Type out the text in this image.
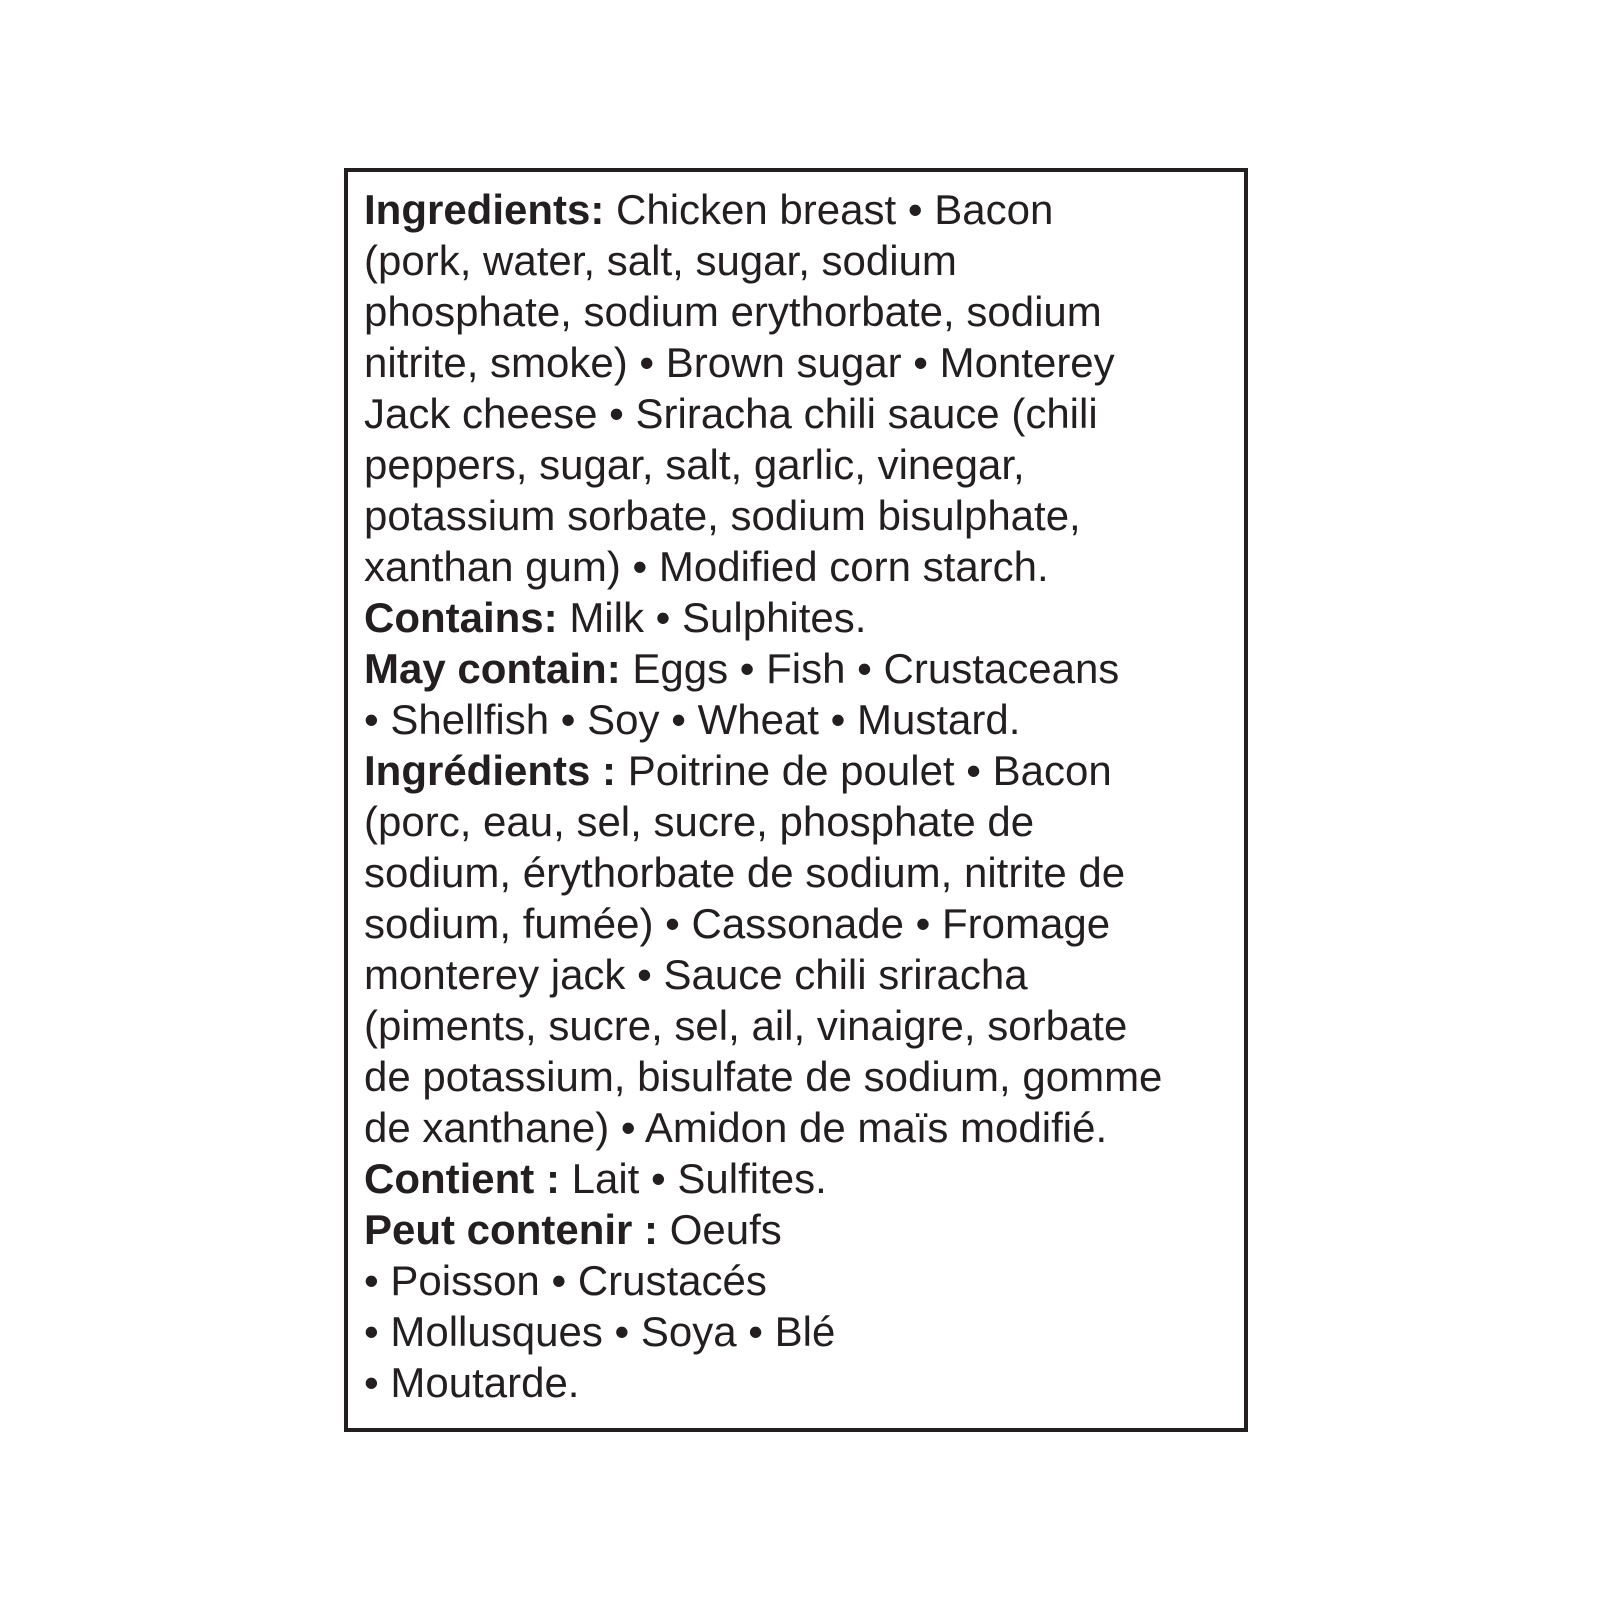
Ingredients: Chicken breast • Bacon

(pork, water, salt, sugar, sodium

phosphate, sodium erythorbate, sodium

nitrite, smoke) • Brown sugar • Monterey

Jack cheese • Sriracha chili sauce (chili

peppers, sugar, salt, garlic, vinegar,

potassium sorbate, sodium bisulphate,

xanthan gum) • Modified corn starch.

Contains: Milk • Sulphites.

May contain: Eggs • Fish • Crustaceans

• Shellfish • Soy • Wheat • Mustard.

Ingrédients : Poitrine de poulet • Bacon

(porc, eau, sel, sucre, phosphate de

sodium, érythorbate de sodium, nitrite de

sodium, fumée) • Cassonade • Fromage

monterey jack • Sauce chili sriracha

(piments, sucre, sel, ail, vinaigre, sorbate

de potassium, bisulfate de sodium, gomme

de xanthane) • Amidon de maïs modifié.

Contient : Lait • Sulfites.

Peut contenir : Oeufs

• Poisson • Crustacés

• Mollusques • Soya • Blé

• Moutarde.
